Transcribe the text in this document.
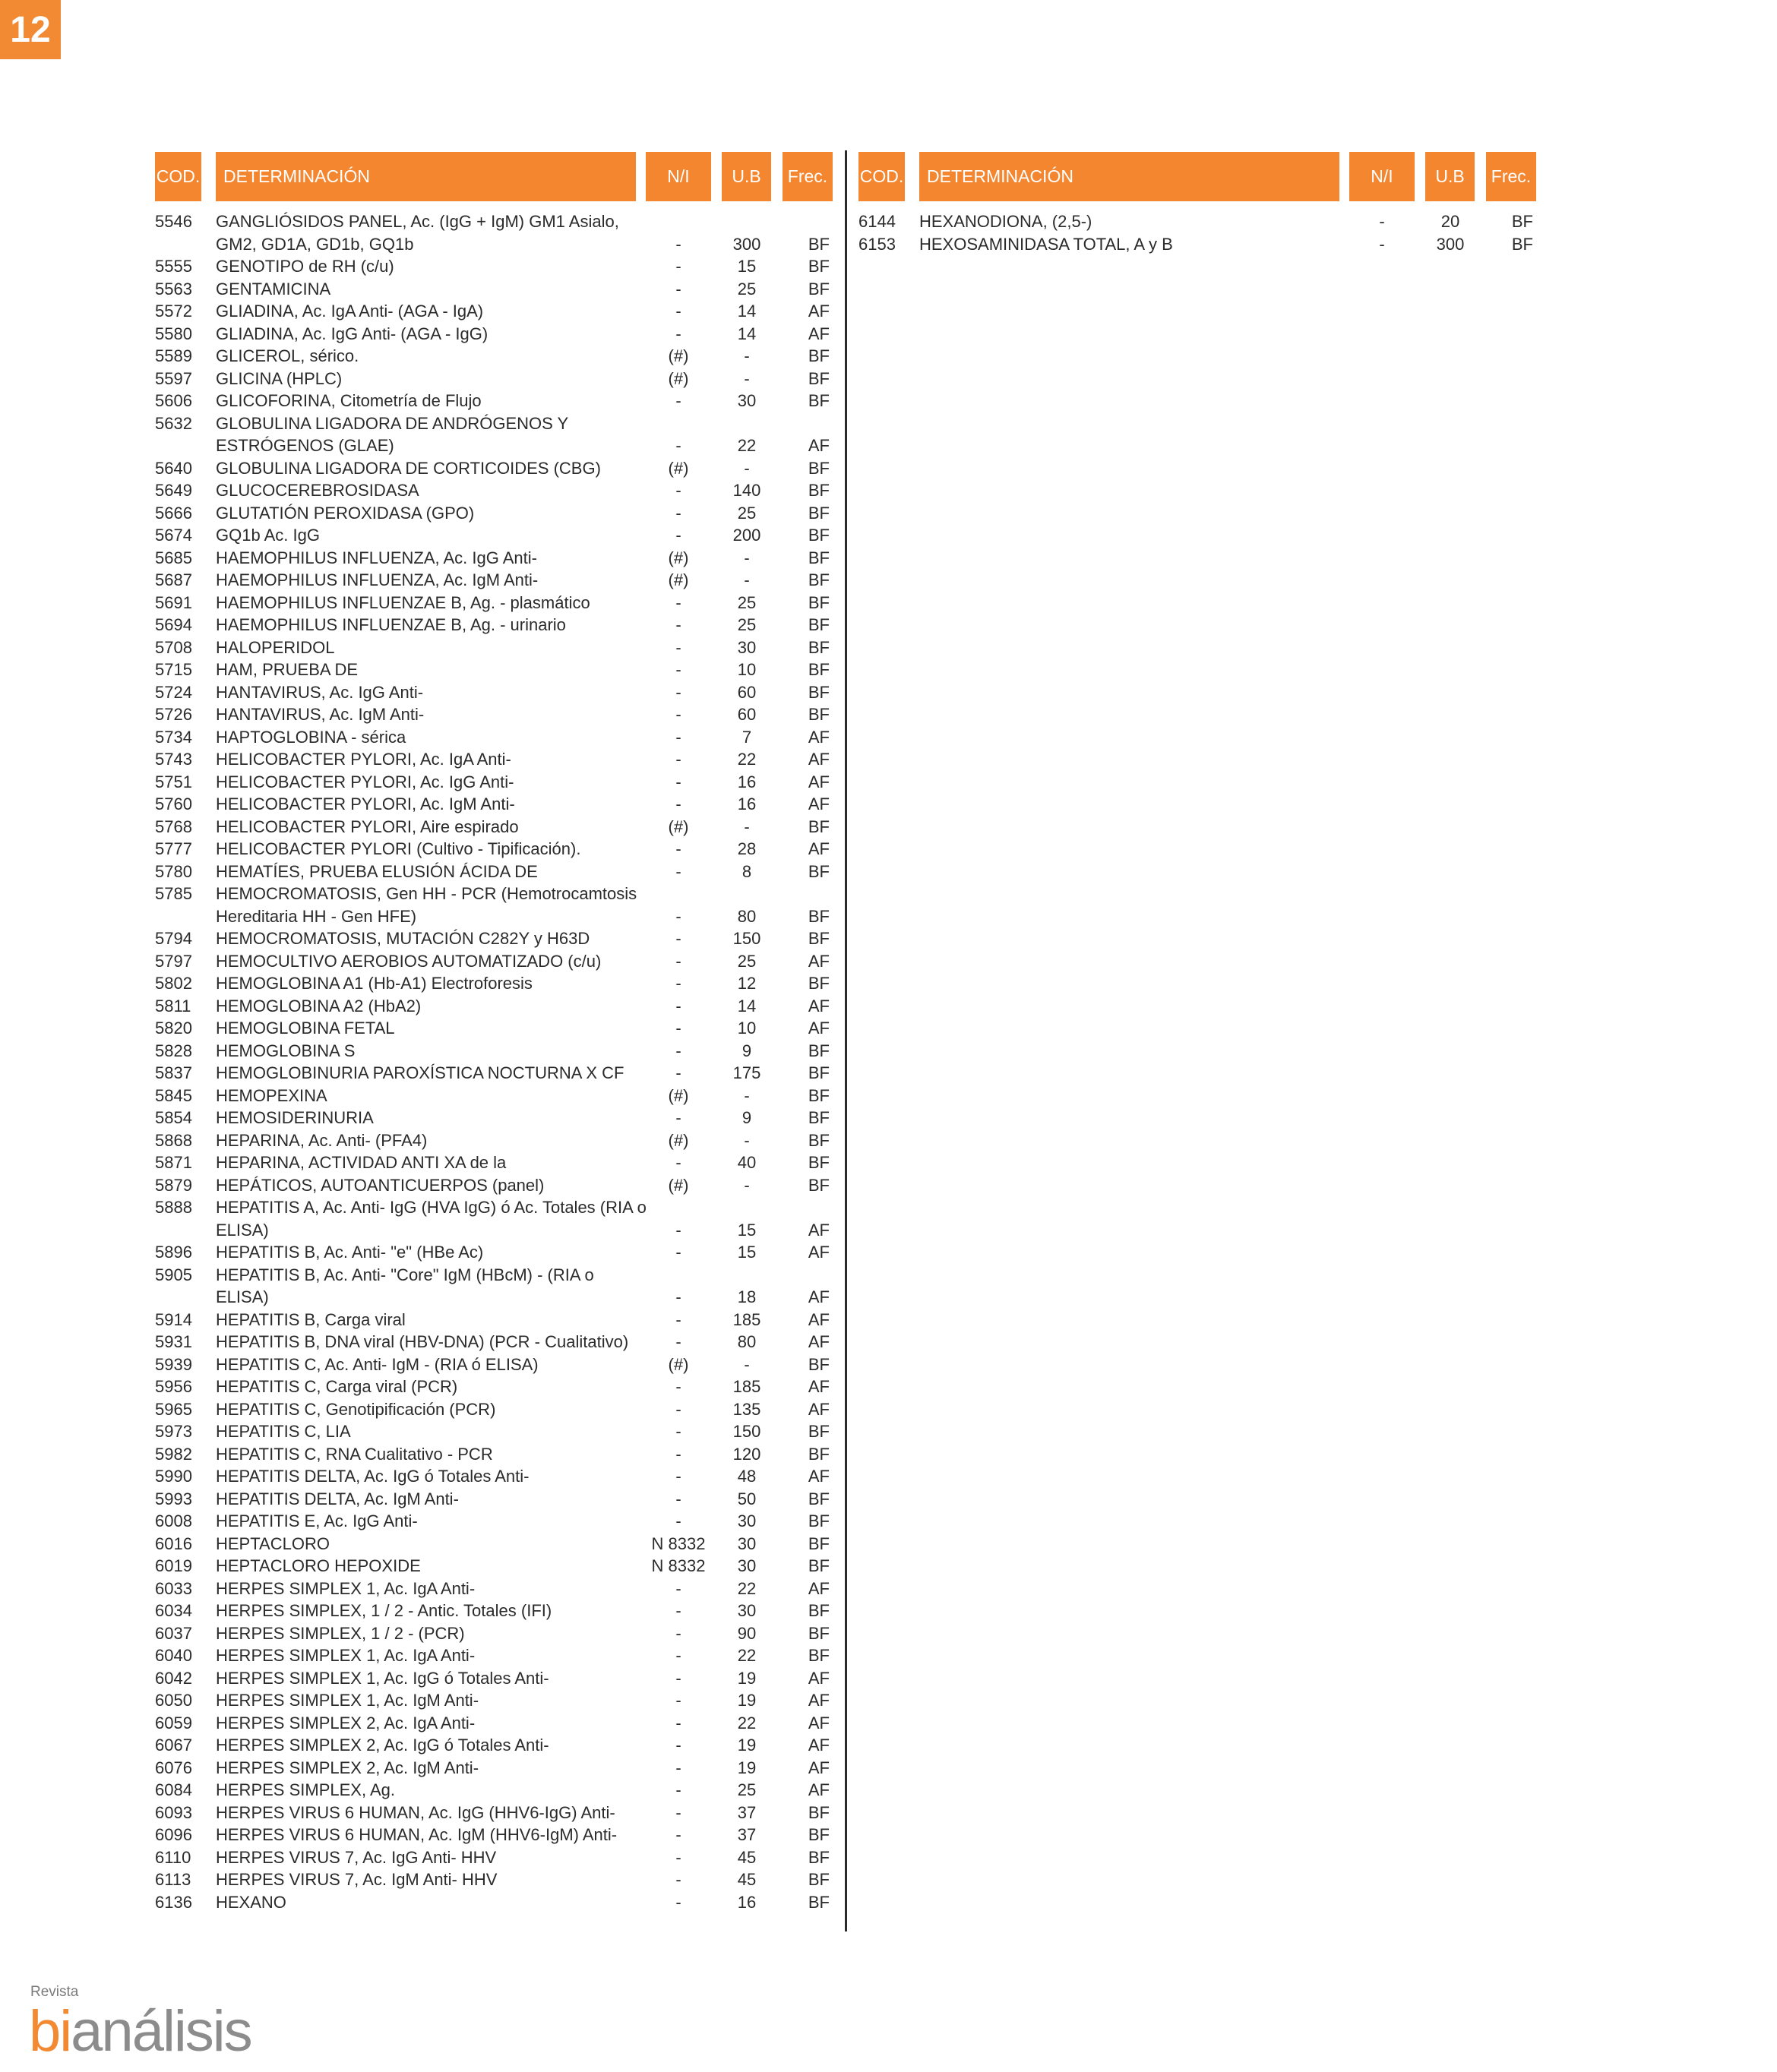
12
COD.	DETERMINACIÓN	N/I	U.B	Frec. COD.	DETERMINACIÓN	N/I	U.B	Frec.
5546	GANGLIÓSIDOS PANEL, Ac. (IgG + IgM) GM1 Asialo,
GM2, GD1A, GD1b, GQ1b	-	300	BF
5555	GENOTIPO de RH (c/u)	-	15	BF
5563	GENTAMICINA	-	25	BF
5572	GLIADINA, Ac. IgA Anti- (AGA - IgA)	-	14	AF
5580	GLIADINA, Ac. IgG Anti- (AGA - IgG)	-	14	AF
5589	GLICEROL, sérico.	(#)	-	BF
5597	GLICINA (HPLC)	(#)	-	BF
5606	GLICOFORINA, Citometría de Flujo	-	30	BF
5632	GLOBULINA LIGADORA DE ANDRÓGENOS Y
ESTRÓGENOS (GLAE)	-	22	AF
5640	GLOBULINA LIGADORA DE CORTICOIDES (CBG)	(#)	-	BF
5649	GLUCOCEREBROSIDASA	-	140	BF
5666	GLUTATIÓN PEROXIDASA (GPO)	-	25	BF
5674	GQ1b Ac. IgG	-	200	BF
5685	HAEMOPHILUS INFLUENZA, Ac. IgG Anti-	(#)	-	BF
5687	HAEMOPHILUS INFLUENZA, Ac. IgM Anti-	(#)	-	BF
5691	HAEMOPHILUS INFLUENZAE B, Ag. - plasmático	-	25	BF
5694	HAEMOPHILUS INFLUENZAE B, Ag. - urinario	-	25	BF
5708	HALOPERIDOL	-	30	BF
5715	HAM, PRUEBA DE	-	10	BF
5724	HANTAVIRUS, Ac. IgG Anti-	-	60	BF
5726	HANTAVIRUS, Ac. IgM Anti-	-	60	BF
5734	HAPTOGLOBINA - sérica	-	7	AF
5743	HELICOBACTER PYLORI, Ac. IgA Anti-	-	22	AF
5751	HELICOBACTER PYLORI, Ac. IgG Anti-	-	16	AF
5760	HELICOBACTER PYLORI, Ac. IgM Anti-	-	16	AF
5768	HELICOBACTER PYLORI, Aire espirado	(#)	-	BF
5777	HELICOBACTER PYLORI (Cultivo - Tipificación).	-	28	AF
5780	HEMATÍES, PRUEBA ELUSIÓN ÁCIDA DE	-	8	BF
5785	HEMOCROMATOSIS, Gen HH - PCR (Hemotrocamtosis
Hereditaria HH - Gen HFE)	-	80	BF
5794	HEMOCROMATOSIS, MUTACIÓN C282Y y H63D	-	150	BF
5797	HEMOCULTIVO AEROBIOS AUTOMATIZADO (c/u)	-	25	AF
5802	HEMOGLOBINA A1 (Hb-A1) Electroforesis	-	12	BF
5811	HEMOGLOBINA A2 (HbA2)	-	14	AF
5820	HEMOGLOBINA FETAL	-	10	AF
5828	HEMOGLOBINA S	-	9	BF
5837	HEMOGLOBINURIA PAROXÍSTICA NOCTURNA X CF	-	175	BF
5845	HEMOPEXINA	(#)	-	BF
5854	HEMOSIDERINURIA	-	9	BF
5868	HEPARINA, Ac. Anti- (PFA4)	(#)	-	BF
5871	HEPARINA, ACTIVIDAD ANTI XA de la	-	40	BF
5879	HEPÁTICOS, AUTOANTICUERPOS (panel)	(#)	-	BF
5888	HEPATITIS A, Ac. Anti- IgG (HVA IgG) ó Ac. Totales (RIA o
ELISA)	-	15	AF
5896	HEPATITIS B, Ac. Anti- "e" (HBe Ac)	-	15	AF
5905	HEPATITIS B, Ac. Anti- "Core" IgM (HBcM) - (RIA o
ELISA)	-	18	AF
5914	HEPATITIS B, Carga viral	-	185	AF
5931	HEPATITIS B, DNA viral (HBV-DNA) (PCR - Cualitativo)	-	80	AF
5939	HEPATITIS C, Ac. Anti- IgM - (RIA ó ELISA)	(#)	-	BF
5956	HEPATITIS C, Carga viral (PCR)	-	185	AF
5965	HEPATITIS C, Genotipificación (PCR)	-	135	AF
5973	HEPATITIS C, LIA	-	150	BF
5982	HEPATITIS C, RNA Cualitativo - PCR	-	120	BF
5990	HEPATITIS DELTA, Ac. IgG ó Totales Anti-	-	48	AF
5993	HEPATITIS DELTA, Ac. IgM Anti-	-	50	BF
6008	HEPATITIS E, Ac. IgG Anti-	-	30	BF
6016	HEPTACLORO	N 8332	30	BF
6019	HEPTACLORO HEPOXIDE	N 8332	30	BF
6033	HERPES SIMPLEX 1, Ac. IgA Anti-	-	22	AF
6034	HERPES SIMPLEX, 1 / 2 - Antic. Totales (IFI)	-	30	BF
6037	HERPES SIMPLEX, 1 / 2 - (PCR)	-	90	BF
6040	HERPES SIMPLEX 1, Ac. IgA Anti-	-	22	BF
6042	HERPES SIMPLEX 1, Ac. IgG ó Totales Anti-	-	19	AF
6050	HERPES SIMPLEX 1, Ac. IgM Anti-	-	19	AF
6059	HERPES SIMPLEX 2, Ac. IgA Anti-	-	22	AF
6067	HERPES SIMPLEX 2, Ac. IgG ó Totales Anti-	-	19	AF
6076	HERPES SIMPLEX 2, Ac. IgM Anti-	-	19	AF
6084	HERPES SIMPLEX, Ag.	-	25	AF
6093	HERPES VIRUS 6 HUMAN, Ac. IgG (HHV6-IgG) Anti-	-	37	BF
6096	HERPES VIRUS 6 HUMAN, Ac. IgM (HHV6-IgM) Anti-	-	37	BF
6110	HERPES VIRUS 7, Ac. IgG Anti- HHV	-	45	BF
6113	HERPES VIRUS 7, Ac. IgM Anti- HHV	-	45	BF
6136	HEXANO	-	16	BF
6144	HEXANODIONA, (2,5-)	-	20	BF
6153	HEXOSAMINIDASA TOTAL, A y B	-	300	BF
Revista
bianálisis
